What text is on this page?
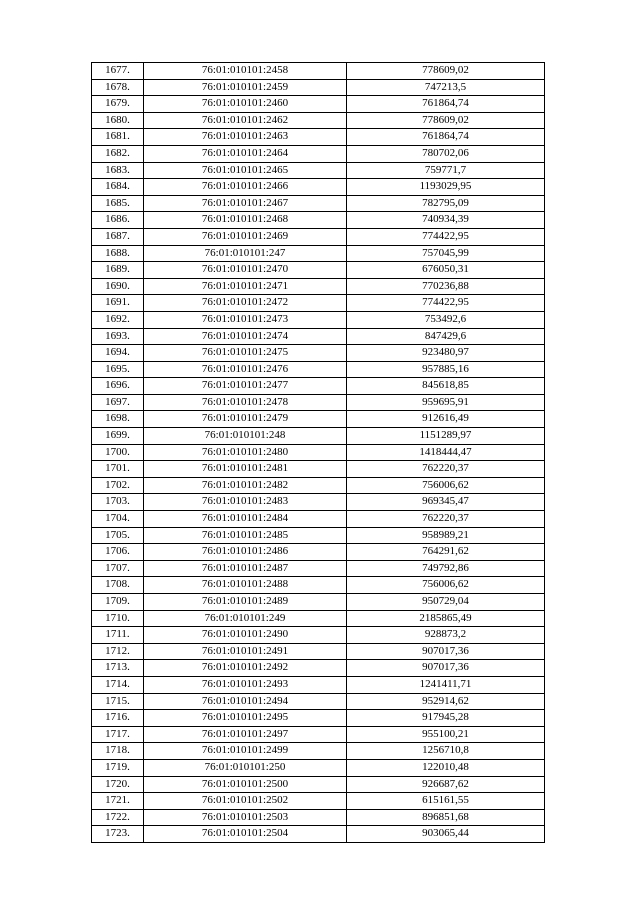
1677.	76:01:010101:2458	778609,02
1678.	76:01:010101:2459	747213,5
1679.	76:01:010101:2460	761864,74
1680.	76:01:010101:2462	778609,02
1681.	76:01:010101:2463	761864,74
1682.	76:01:010101:2464	780702,06
1683.	76:01:010101:2465	759771,7
1684.	76:01:010101:2466	1193029,95
1685.	76:01:010101:2467	782795,09
1686.	76:01:010101:2468	740934,39
1687.	76:01:010101:2469	774422,95
1688.	76:01:010101:247	757045,99
1689.	76:01:010101:2470	676050,31
1690.	76:01:010101:2471	770236,88
1691.	76:01:010101:2472	774422,95
1692.	76:01:010101:2473	753492,6
1693.	76:01:010101:2474	847429,6
1694.	76:01:010101:2475	923480,97
1695.	76:01:010101:2476	957885,16
1696.	76:01:010101:2477	845618,85
1697.	76:01:010101:2478	959695,91
1698.	76:01:010101:2479	912616,49
1699.	76:01:010101:248	1151289,97
1700.	76:01:010101:2480	1418444,47
1701.	76:01:010101:2481	762220,37
1702.	76:01:010101:2482	756006,62
1703.	76:01:010101:2483	969345,47
1704.	76:01:010101:2484	762220,37
1705.	76:01:010101:2485	958989,21
1706.	76:01:010101:2486	764291,62
1707.	76:01:010101:2487	749792,86
1708.	76:01:010101:2488	756006,62
1709.	76:01:010101:2489	950729,04
1710.	76:01:010101:249	2185865,49
1711.	76:01:010101:2490	928873,2
1712.	76:01:010101:2491	907017,36
1713.	76:01:010101:2492	907017,36
1714.	76:01:010101:2493	1241411,71
1715.	76:01:010101:2494	952914,62
1716.	76:01:010101:2495	917945,28
1717.	76:01:010101:2497	955100,21
1718.	76:01:010101:2499	1256710,8
1719.	76:01:010101:250	122010,48
1720.	76:01:010101:2500	926687,62
1721.	76:01:010101:2502	615161,55
1722.	76:01:010101:2503	896851,68
1723.	76:01:010101:2504	903065,44
